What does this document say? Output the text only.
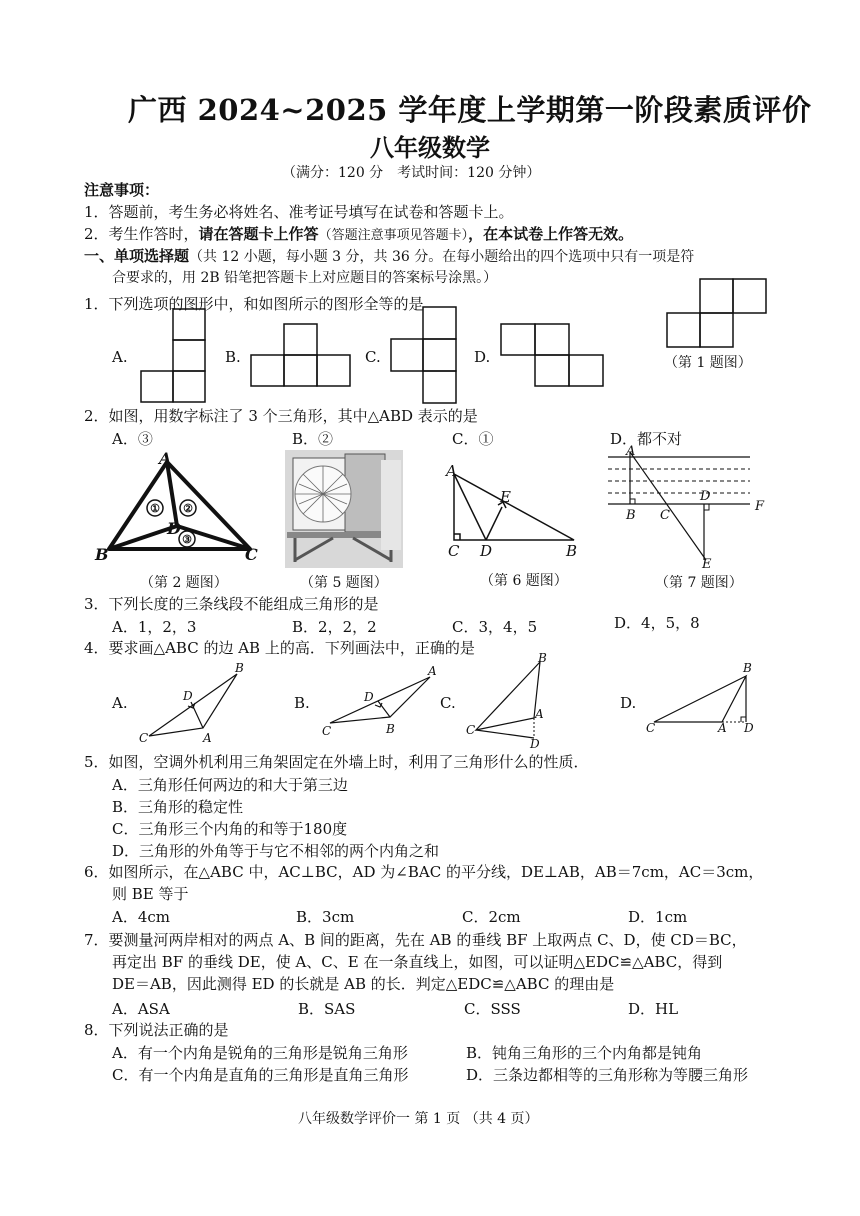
广西 2024~2025 学年度上学期第一阶段素质评价
八年级数学
（满分：120 分　考试时间：120 分钟）
注意事项：
1．答题前，考生务必将姓名、准考证号填写在试卷和答题卡上。
2．考生作答时，请在答题卡上作答（答题注意事项见答题卡），在本试卷上作答无效。
一、单项选择题（共 12 小题，每小题 3 分，共 36 分。在每小题给出的四个选项中只有一项是符
合要求的，用 2B 铅笔把答题卡上对应题目的答案标号涂黑。）
1．下列选项的图形中，和如图所示的图形全等的是
A.	B.	C.	D.	（第 1 题图）
2．如图，用数字标注了 3 个三角形，其中△ABD 表示的是
A．③	B．②	C．①	D．都不对
A
B	C
D
① ②
③
（第 2 题图）	（第 5 题图）
A
E
C D	B
（第 6 题图）
A
B C
D
F
E
（第 7 题图）
3．下列长度的三条线段不能组成三角形的是
A．1，2，3	B．2，2，2	C．3，4，5	D．4，5，8
4．要求画△ABC 的边 AB 上的高．下列画法中，正确的是
A.	B.	C.	D.
B
D
C	A
A
D
C	B
B
A
C
D
B
C	A D
5．如图，空调外机利用三角架固定在外墙上时，利用了三角形什么的性质．
A．三角形任何两边的和大于第三边
B．三角形的稳定性
C．三角形三个内角的和等于180度
D．三角形的外角等于与它不相邻的两个内角之和
6．如图所示，在△ABC 中，AC⊥BC，AD 为∠BAC 的平分线，DE⊥AB，AB＝7cm，AC＝3cm，
则 BE 等于
A．4cm	B．3cm	C．2cm	D．1cm
7．要测量河两岸相对的两点 A、B 间的距离，先在 AB 的垂线 BF 上取两点 C、D，使 CD＝BC，
再定出 BF 的垂线 DE，使 A、C、E 在一条直线上，如图，可以证明△EDC≌△ABC，得到
DE＝AB，因此测得 ED 的长就是 AB 的长．判定△EDC≌△ABC 的理由是
A．ASA	B．SAS	C．SSS	D．HL
8．下列说法正确的是
A．有一个内角是锐角的三角形是锐角三角形	B．钝角三角形的三个内角都是钝角
C．有一个内角是直角的三角形是直角三角形	D．三条边都相等的三角形称为等腰三角形
八年级数学评价一 第 1 页 （共 4 页）
